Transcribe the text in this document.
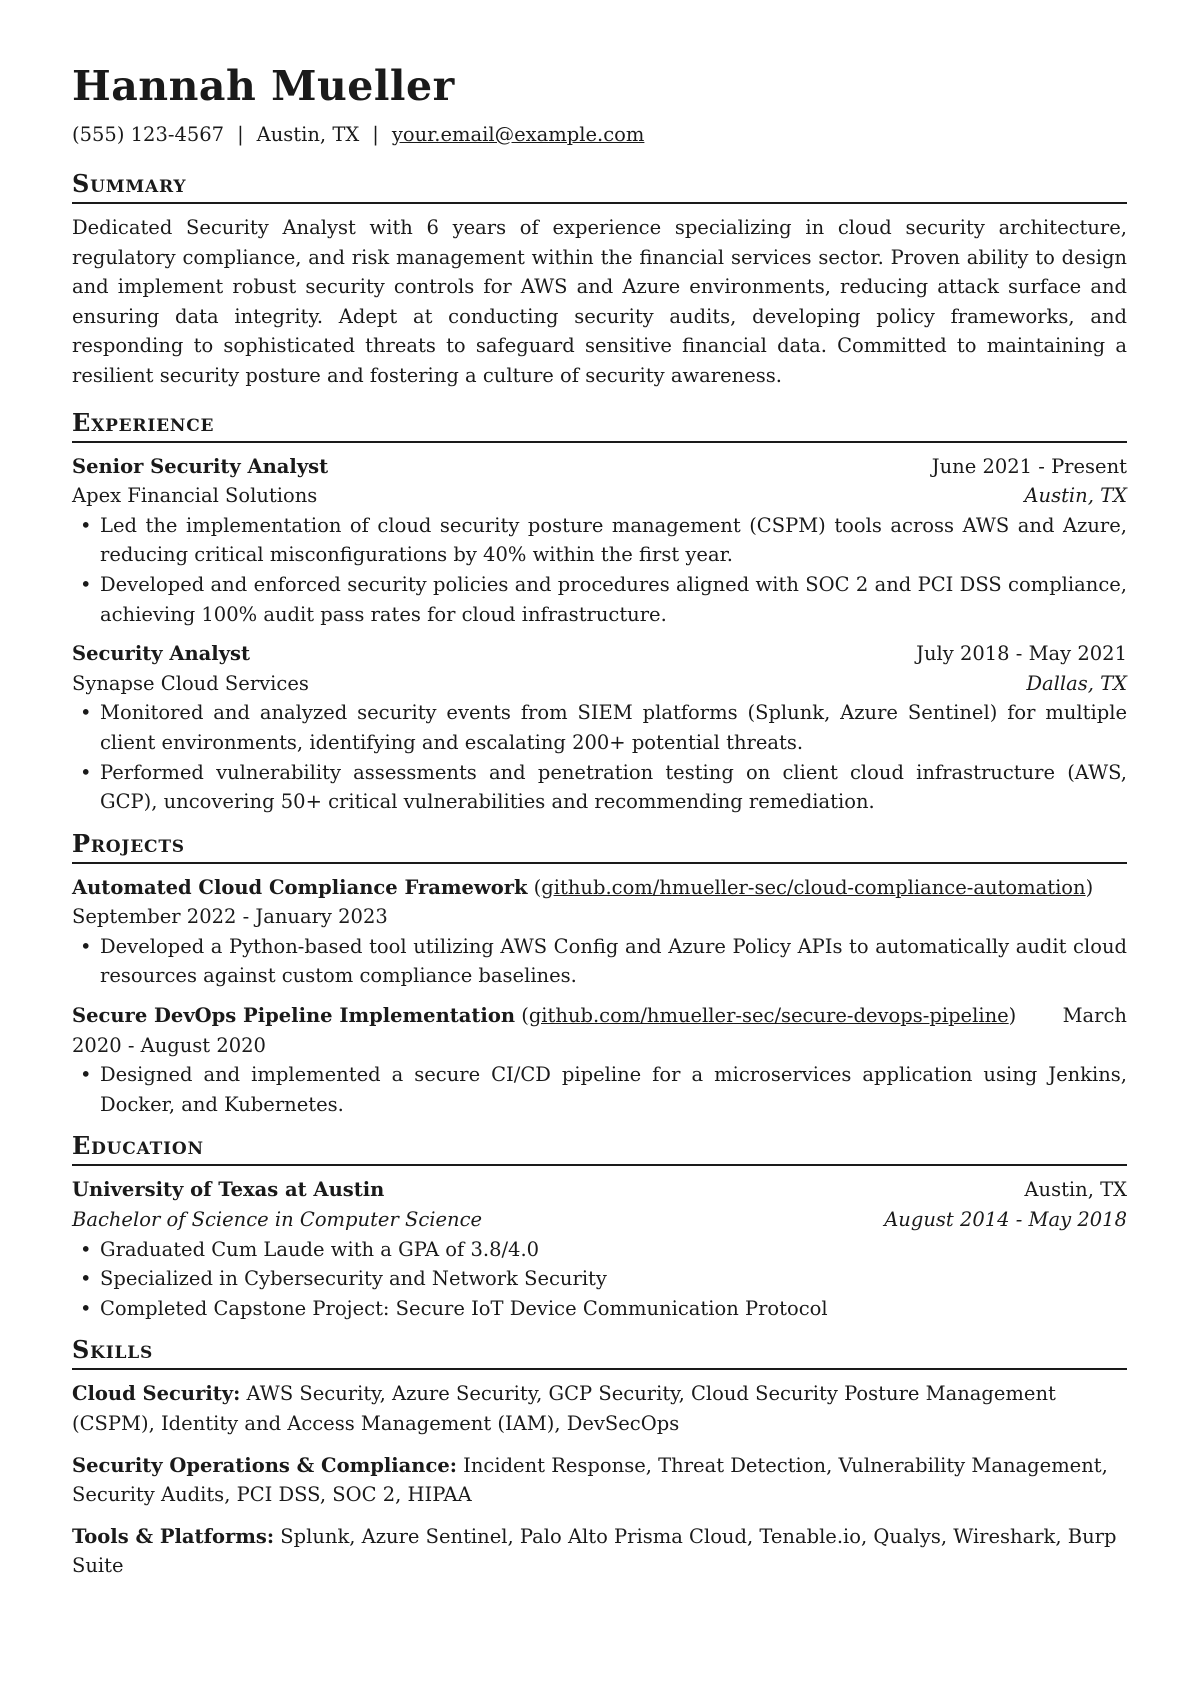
Hannah Mueller
(555) 123-4567 | Austin, TX | your.email@example.com
Summary

Dedicated Security Analyst with 6 years of experience specializing in cloud security architecture, regulatory compliance, and risk management within the financial services sector. Proven ability to design and implement robust security controls for AWS and Azure environments, reducing attack surface and ensuring data integrity. Adept at conducting security audits, developing policy frameworks, and responding to sophisticated threats to safeguard sensitive financial data. Committed to maintaining a resilient security posture and fostering a culture of security awareness.

Experience
Senior Security Analyst	June 2021 - Present
Apex Financial Solutions	Austin, TX
• Led the implementation of cloud security posture management (CSPM) tools across AWS and Azure, reducing critical misconfigurations by 40% within the first year.
• Developed and enforced security policies and procedures aligned with SOC 2 and PCI DSS compliance, achieving 100% audit pass rates for cloud infrastructure.
Security Analyst	July 2018 - May 2021
Synapse Cloud Services	Dallas, TX
• Monitored and analyzed security events from SIEM platforms (Splunk, Azure Sentinel) for multiple client environments, identifying and escalating 200+ potential threats.
• Performed vulnerability assessments and penetration testing on client cloud infrastructure (AWS, GCP), uncovering 50+ critical vulnerabilities and recommending remediation.
Projects
Automated Cloud Compliance Framework (github.com/hmueller-sec/cloud-compliance-automation)
September 2022 - January 2023
• Developed a Python-based tool utilizing AWS Config and Azure Policy APIs to automatically audit cloud resources against custom compliance baselines.
Secure DevOps Pipeline Implementation (github.com/hmueller-sec/secure-devops-pipeline) March
2020 - August 2020
• Designed and implemented a secure CI/CD pipeline for a microservices application using Jenkins, Docker, and Kubernetes.
Education
University of Texas at Austin	Austin, TX
Bachelor of Science in Computer Science	August 2014 - May 2018
• Graduated Cum Laude with a GPA of 3.8/4.0
• Specialized in Cybersecurity and Network Security
• Completed Capstone Project: Secure IoT Device Communication Protocol
Skills
Cloud Security: AWS Security, Azure Security, GCP Security, Cloud Security Posture Management (CSPM), Identity and Access Management (IAM), DevSecOps
Security Operations & Compliance: Incident Response, Threat Detection, Vulnerability Management, Security Audits, PCI DSS, SOC 2, HIPAA
Tools & Platforms: Splunk, Azure Sentinel, Palo Alto Prisma Cloud, Tenable.io, Qualys, Wireshark, Burp Suite
